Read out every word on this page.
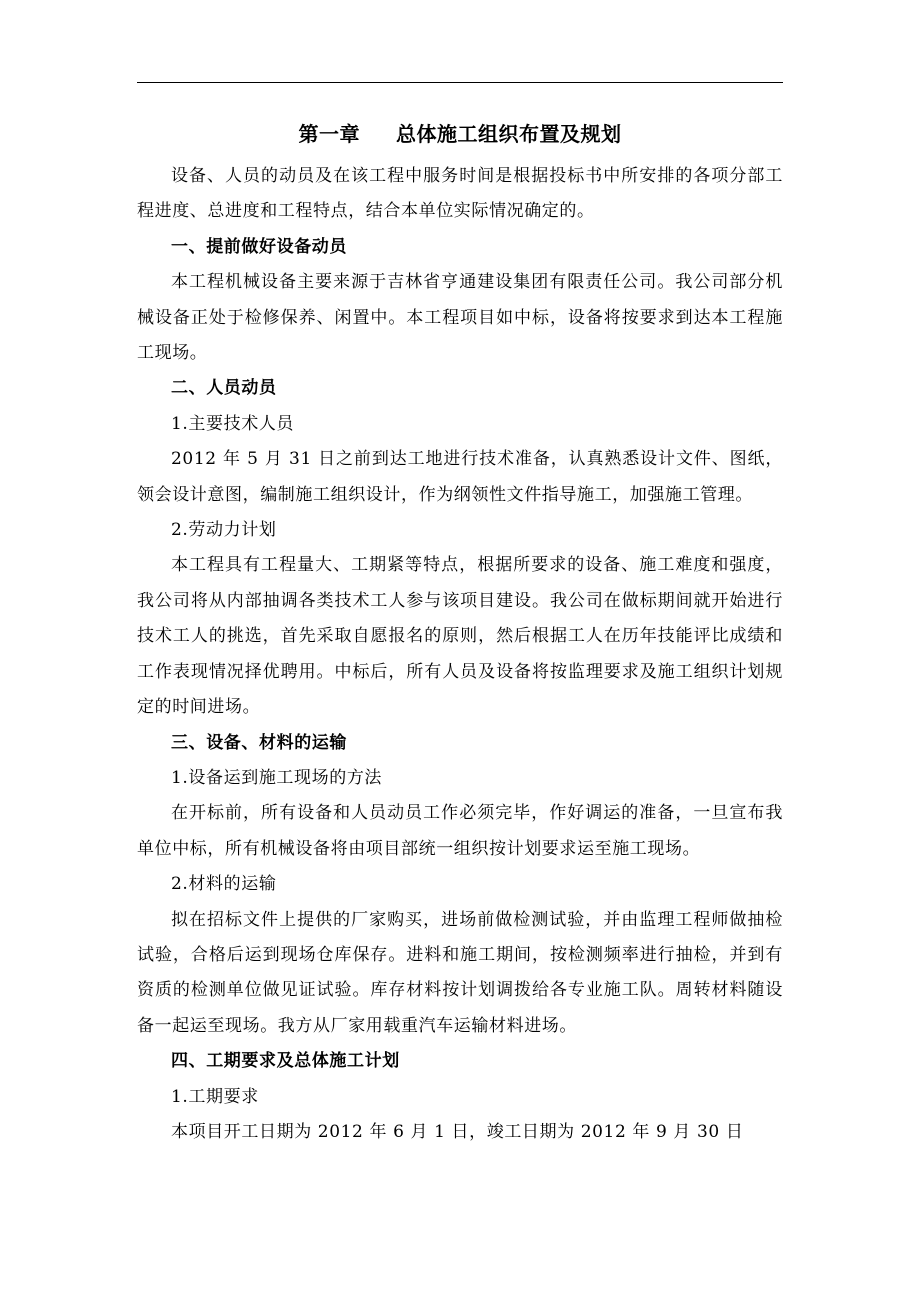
第一章 总体施工组织布置及规划

设备、人员的动员及在该工程中服务时间是根据投标书中所安排的各项分部工程进度、总进度和工程特点，结合本单位实际情况确定的。

一、提前做好设备动员

本工程机械设备主要来源于吉林省亨通建设集团有限责任公司。我公司部分机械设备正处于检修保养、闲置中。本工程项目如中标，设备将按要求到达本工程施工现场。

二、人员动员

1.主要技术人员

2012 年 5 月 31 日之前到达工地进行技术准备，认真熟悉设计文件、图纸，领会设计意图，编制施工组织设计，作为纲领性文件指导施工，加强施工管理。

2.劳动力计划

本工程具有工程量大、工期紧等特点，根据所要求的设备、施工难度和强度，我公司将从内部抽调各类技术工人参与该项目建设。我公司在做标期间就开始进行技术工人的挑选，首先采取自愿报名的原则，然后根据工人在历年技能评比成绩和工作表现情况择优聘用。中标后，所有人员及设备将按监理要求及施工组织计划规定的时间进场。

三、设备、材料的运输

1.设备运到施工现场的方法

在开标前，所有设备和人员动员工作必须完毕，作好调运的准备，一旦宣布我单位中标，所有机械设备将由项目部统一组织按计划要求运至施工现场。

2.材料的运输

拟在招标文件上提供的厂家购买，进场前做检测试验，并由监理工程师做抽检试验，合格后运到现场仓库保存。进料和施工期间，按检测频率进行抽检，并到有资质的检测单位做见证试验。库存材料按计划调拨给各专业施工队。周转材料随设备一起运至现场。我方从厂家用载重汽车运输材料进场。

四、工期要求及总体施工计划

1.工期要求

本项目开工日期为 2012 年 6 月 1 日，竣工日期为 2012 年 9 月 30 日
